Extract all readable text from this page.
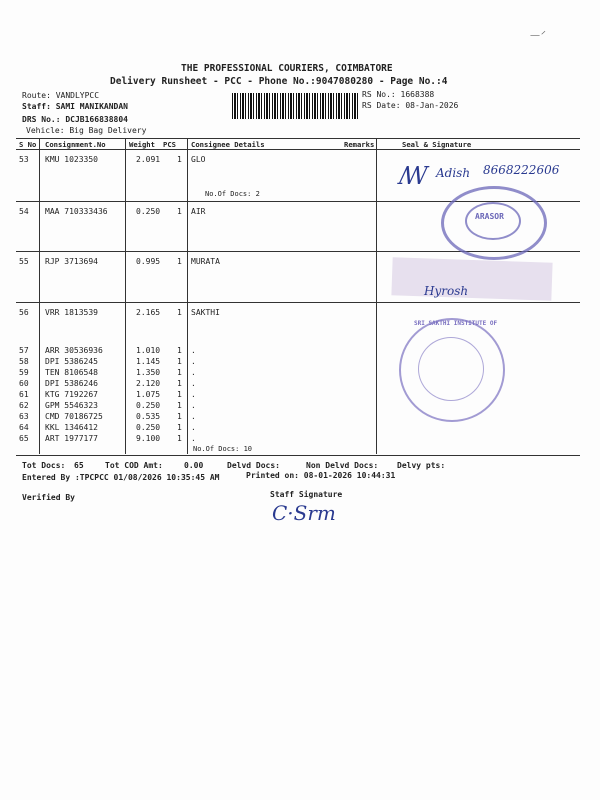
THE PROFESSIONAL COURIERS, COIMBATORE
Delivery Runsheet - PCC - Phone No.:9047080280 - Page No.:4
Route: VANDLYPCC
Staff: SAMI MANIKANDAN
DRS No.: DCJB166838804
Vehicle: Big Bag Delivery
RS No.: 1668388
RS Date: 08-Jan-2026
S No Consignment.No	Weight PCS Consignee Details	Remarks	Seal & Signature
53 KMU 1023350	2.091 1 GLO
No.Of Docs: 2
54 MAA 710333436	0.250 1 AIR
55 RJP 3713694	0.995 1 MURATA
56 VRR 1813539	2.165 1 SAKTHI
57 ARR 30536936	1.010 1 .
58 DPI 5386245	1.145 1 .
59 TEN 8106548	1.350 1 .
60 DPI 5386246	2.120 1 .
61 KTG 7192267	1.075 1 .
62 GPM 5546323	0.250 1 .
63 CMD 70186725	0.535 1 .
64 KKL 1346412	0.250 1 .
65 ART 1977177	9.100 1 .
No.Of Docs: 10
ꟿ Adish 8668222606
ARASOR
Hyrosh
SRI SAKTHI INSTITUTE OF
Tot Docs: 65	Tot COD Amt:	0.00	Delvd Docs:	Non Delvd Docs: Delvy pts:
Entered By :TPCPCC 01/08/2026 10:35:45 AM	Printed on: 08-01-2026 10:44:31
Verified By	Staff Signature
C·Srm
—ᐟ
